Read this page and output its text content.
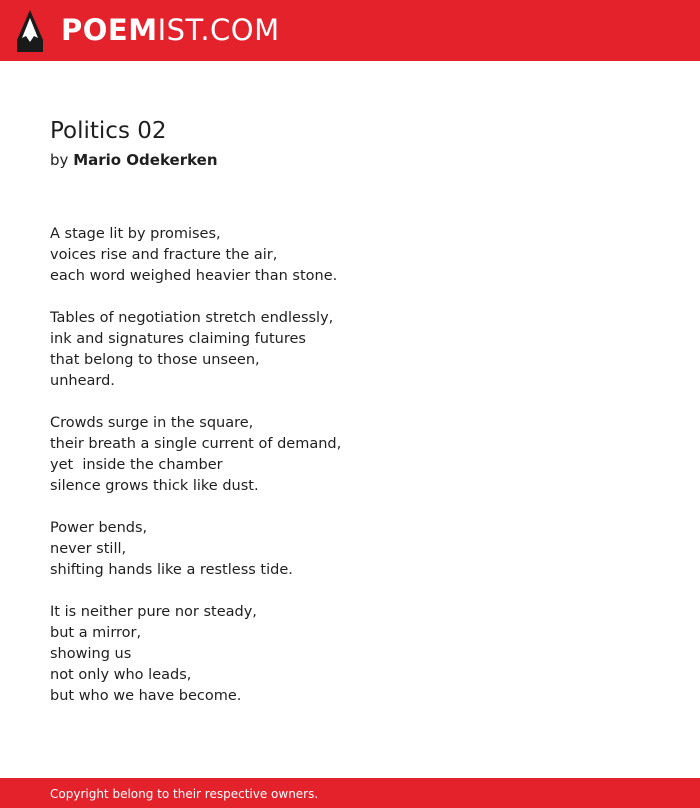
POEMIST.COM
Politics 02
by Mario Odekerken
A stage lit by promises,
voices rise and fracture the air,
each word weighed heavier than stone.
Tables of negotiation stretch endlessly,
ink and signatures claiming futures
that belong to those unseen,
unheard.
Crowds surge in the square,
their breath a single current of demand,
yet  inside the chamber
silence grows thick like dust.
Power bends,
never still,
shifting hands like a restless tide.
It is neither pure nor steady,
but a mirror,
showing us
not only who leads,
but who we have become.
Copyright belong to their respective owners.
